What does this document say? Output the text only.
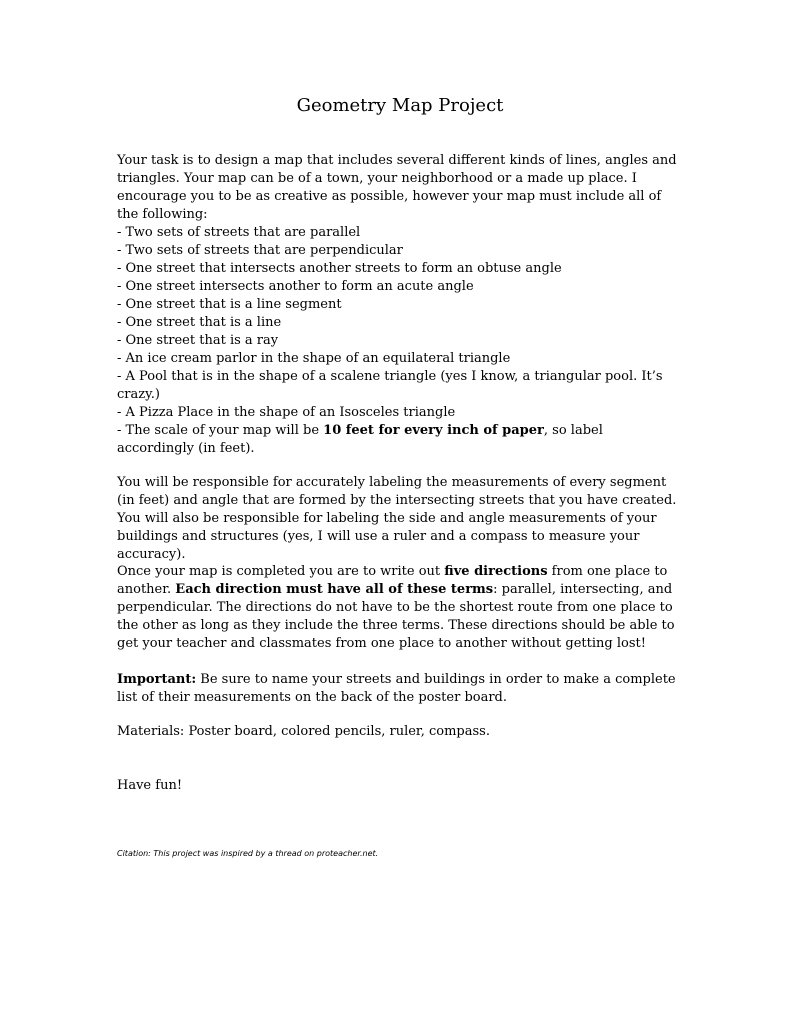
Geometry Map Project

Your task is to design a map that includes several different kinds of lines, angles and triangles. Your map can be of a town, your neighborhood or a made up place. I encourage you to be as creative as possible, however your map must include all of the following:

- Two sets of streets that are parallel
- Two sets of streets that are perpendicular
- One street that intersects another streets to form an obtuse angle
- One street intersects another to form an acute angle
- One street that is a line segment
- One street that is a line
- One street that is a ray
- An ice cream parlor in the shape of an equilateral triangle
- A Pool that is in the shape of a scalene triangle (yes I know, a triangular pool. It’s crazy.)
- A Pizza Place in the shape of an Isosceles triangle
- The scale of your map will be 10 feet for every inch of paper, so label accordingly (in feet).

You will be responsible for accurately labeling the measurements of every segment (in feet) and angle that are formed by the intersecting streets that you have created. You will also be responsible for labeling the side and angle measurements of your buildings and structures (yes, I will use a ruler and a compass to measure your accuracy).

Once your map is completed you are to write out five directions from one place to another. Each direction must have all of these terms: parallel, intersecting, and perpendicular. The directions do not have to be the shortest route from one place to the other as long as they include the three terms. These directions should be able to get your teacher and classmates from one place to another without getting lost!

Important: Be sure to name your streets and buildings in order to make a complete list of their measurements on the back of the poster board.

Materials: Poster board, colored pencils, ruler, compass.

Have fun!

Citation: This project was inspired by a thread on proteacher.net.
